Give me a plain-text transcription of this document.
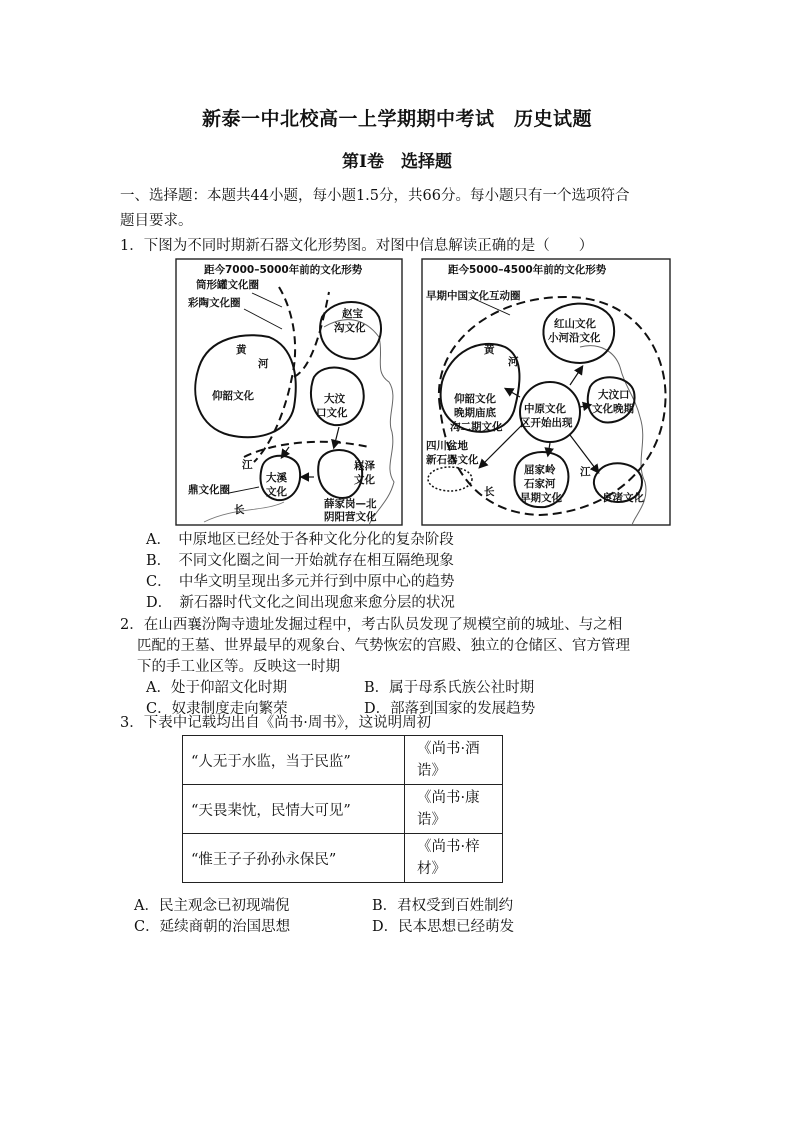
新泰一中北校高一上学期期中考试　历史试题
第Ⅰ卷　选择题
一、选择题：本题共44小题，每小题1.5分，共66分。每小题只有一个选项符合
题目要求。
1．下图为不同时期新石器文化形势图。对图中信息解读正确的是（　　）
距今7000–5000年前的文化形势
筒形罐文化圈
彩陶文化圈
赵宝
沟文化
黄
河
仰韶文化	大汶
口文化
崧泽
文化
大溪
文化
江
鼎文化圈
长	薛家岗—北
阴阳营文化
距今5000–4500年前的文化形势
早期中国文化互动圈
红山文化
小河沿文化
黄
河
仰韶文化
晚期庙底
沟二期文化
中原文化
区开始出现
大汶口
文化晚期
四川盆地
新石器文化
屈家岭
石家河
早期文化
江
长	良渚文化
A．　中原地区已经处于各种文化分化的复杂阶段
B．　不同文化圈之间一开始就存在相互隔绝现象
C．　中华文明呈现出多元并行到中原中心的趋势
D．　新石器时代文化之间出现愈来愈分层的状况
2．在山西襄汾陶寺遗址发掘过程中，考古队员发现了规模空前的城址、与之相
匹配的王墓、世界最早的观象台、气势恢宏的宫殿、独立的仓储区、官方管理
下的手工业区等。反映这一时期
A．处于仰韶文化时期	B．属于母系氏族公社时期
C．奴隶制度走向繁荣	D．部落到国家的发展趋势
3．下表中记载均出自《尚书·周书》，这说明周初
“人无于水监，当于民监”	《尚书·酒诰》
“天畏棐忱，民情大可见”	《尚书·康诰》
“惟王子子孙孙永保民”	《尚书·梓材》
A．民主观念已初现端倪	B．君权受到百姓制约
C．延续商朝的治国思想	D．民本思想已经萌发
